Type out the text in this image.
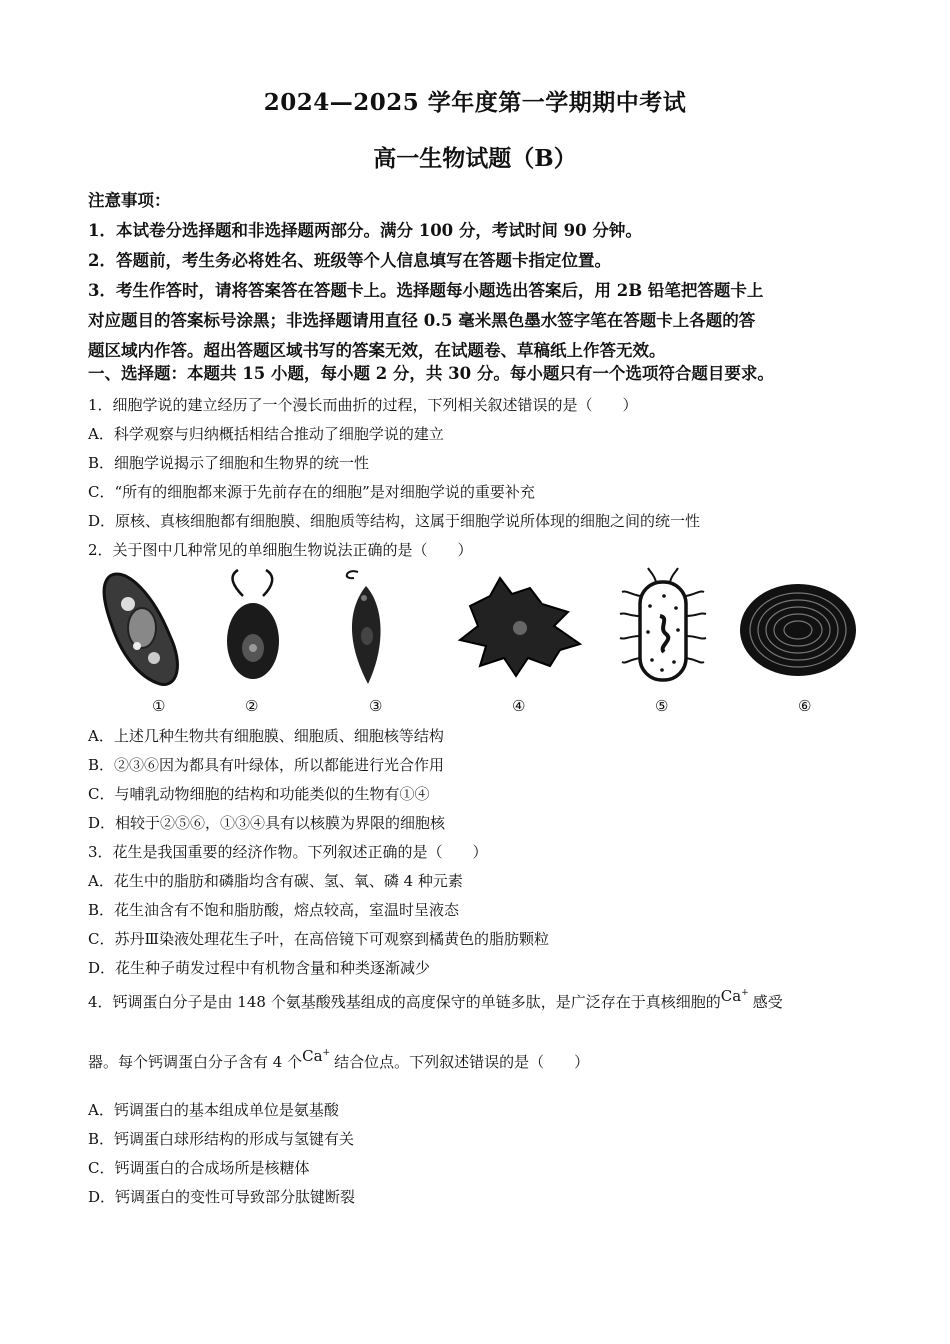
2024—2025 学年度第一学期期中考试
高一生物试题（B）

注意事项：

1．本试卷分选择题和非选择题两部分。满分 100 分，考试时间 90 分钟。

2．答题前，考生务必将姓名、班级等个人信息填写在答题卡指定位置。

3．考生作答时，请将答案答在答题卡上。选择题每小题选出答案后，用 2B 铅笔把答题卡上

对应题目的答案标号涂黑；非选择题请用直径 0.5 毫米黑色墨水签字笔在答题卡上各题的答

题区域内作答。超出答题区域书写的答案无效，在试题卷、草稿纸上作答无效。

一、选择题：本题共 15 小题，每小题 2 分，共 30 分。每小题只有一个选项符合题目要求。
1．细胞学说的建立经历了一个漫长而曲折的过程，下列相关叙述错误的是（　　）
A．科学观察与归纳概括相结合推动了细胞学说的建立
B．细胞学说揭示了细胞和生物界的统一性
C．“所有的细胞都来源于先前存在的细胞”是对细胞学说的重要补充
D．原核、真核细胞都有细胞膜、细胞质等结构，这属于细胞学说所体现的细胞之间的统一性
2．关于图中几种常见的单细胞生物说法正确的是（　　）
①	②	③	④	⑤	⑥
A．上述几种生物共有细胞膜、细胞质、细胞核等结构
B．②③⑥因为都具有叶绿体，所以都能进行光合作用
C．与哺乳动物细胞的结构和功能类似的生物有①④
D．相较于②⑤⑥，①③④具有以核膜为界限的细胞核
3．花生是我国重要的经济作物。下列叙述正确的是（　　）
A．花生中的脂肪和磷脂均含有碳、氢、氧、磷 4 种元素
B．花生油含有不饱和脂肪酸，熔点较高，室温时呈液态
C．苏丹Ⅲ染液处理花生子叶，在高倍镜下可观察到橘黄色的脂肪颗粒
D．花生种子萌发过程中有机物含量和种类逐渐减少
4．钙调蛋白分子是由 148 个氨基酸残基组成的高度保守的单链多肽，是广泛存在于真核细胞的Ca+ 感受
器。每个钙调蛋白分子含有 4 个Ca+ 结合位点。下列叙述错误的是（　　）
A．钙调蛋白的基本组成单位是氨基酸
B．钙调蛋白球形结构的形成与氢键有关
C．钙调蛋白的合成场所是核糖体
D．钙调蛋白的变性可导致部分肽键断裂
